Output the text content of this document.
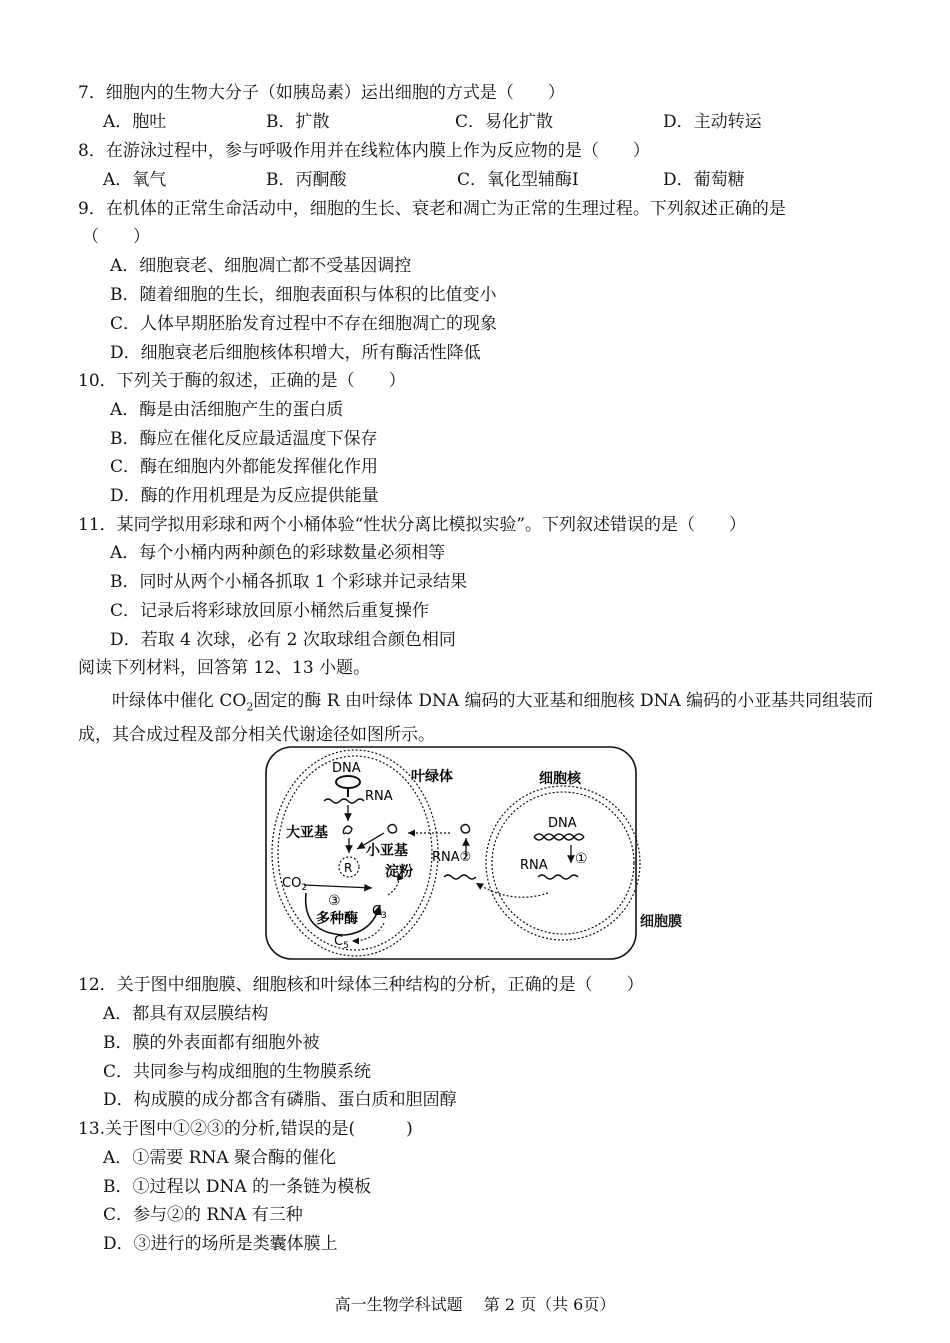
7．细胞内的生物大分子（如胰岛素）运出细胞的方式是（　　）
A．胞吐	B．扩散	C．易化扩散	D．主动转运
8．在游泳过程中，参与呼吸作用并在线粒体内膜上作为反应物的是（　　）
A．氧气	B．丙酮酸	C．氧化型辅酶Ⅰ	D．葡萄糖
9．在机体的正常生命活动中，细胞的生长、衰老和凋亡为正常的生理过程。下列叙述正确的是
（　　）
A．细胞衰老、细胞凋亡都不受基因调控
B．随着细胞的生长，细胞表面积与体积的比值变小
C．人体早期胚胎发育过程中不存在细胞凋亡的现象
D．细胞衰老后细胞核体积增大，所有酶活性降低
10．下列关于酶的叙述，正确的是（　　）
A．酶是由活细胞产生的蛋白质
B．酶应在催化反应最适温度下保存
C．酶在细胞内外都能发挥催化作用
D．酶的作用机理是为反应提供能量
11．某同学拟用彩球和两个小桶体验“性状分离比模拟实验”。下列叙述错误的是（　　）
A．每个小桶内两种颜色的彩球数量必须相等
B．同时从两个小桶各抓取 1 个彩球并记录结果
C．记录后将彩球放回原小桶然后重复操作
D．若取 4 次球，必有 2 次取球组合颜色相同
阅读下列材料，回答第 12、13 小题。
叶绿体中催化 $CO_2$固定的酶 R 由叶绿体 DNA 编码的大亚基和细胞核 DNA 编码的小亚基共同组装而成，其合成过程及部分相关代谢途径如图所示。
DNA
RNA
叶绿体	细胞核
大亚基
小亚基
R 淀粉
DNA
①
RNA
RNA②
$CO_2$
③
多种酶 $C_3$
$C_5$
细胞膜
12．关于图中细胞膜、细胞核和叶绿体三种结构的分析，正确的是（　　）
A．都具有双层膜结构
B．膜的外表面都有细胞外被
C．共同参与构成细胞的生物膜系统
D．构成膜的成分都含有磷脂、蛋白质和胆固醇
13.关于图中①②③的分析,错误的是(　　　)
A．①需要 RNA 聚合酶的催化
B．①过程以 DNA 的一条链为模板
C．参与②的 RNA 有三种
D．③进行的场所是类囊体膜上
高一生物学科试题　 第 2 页（共 6页）
